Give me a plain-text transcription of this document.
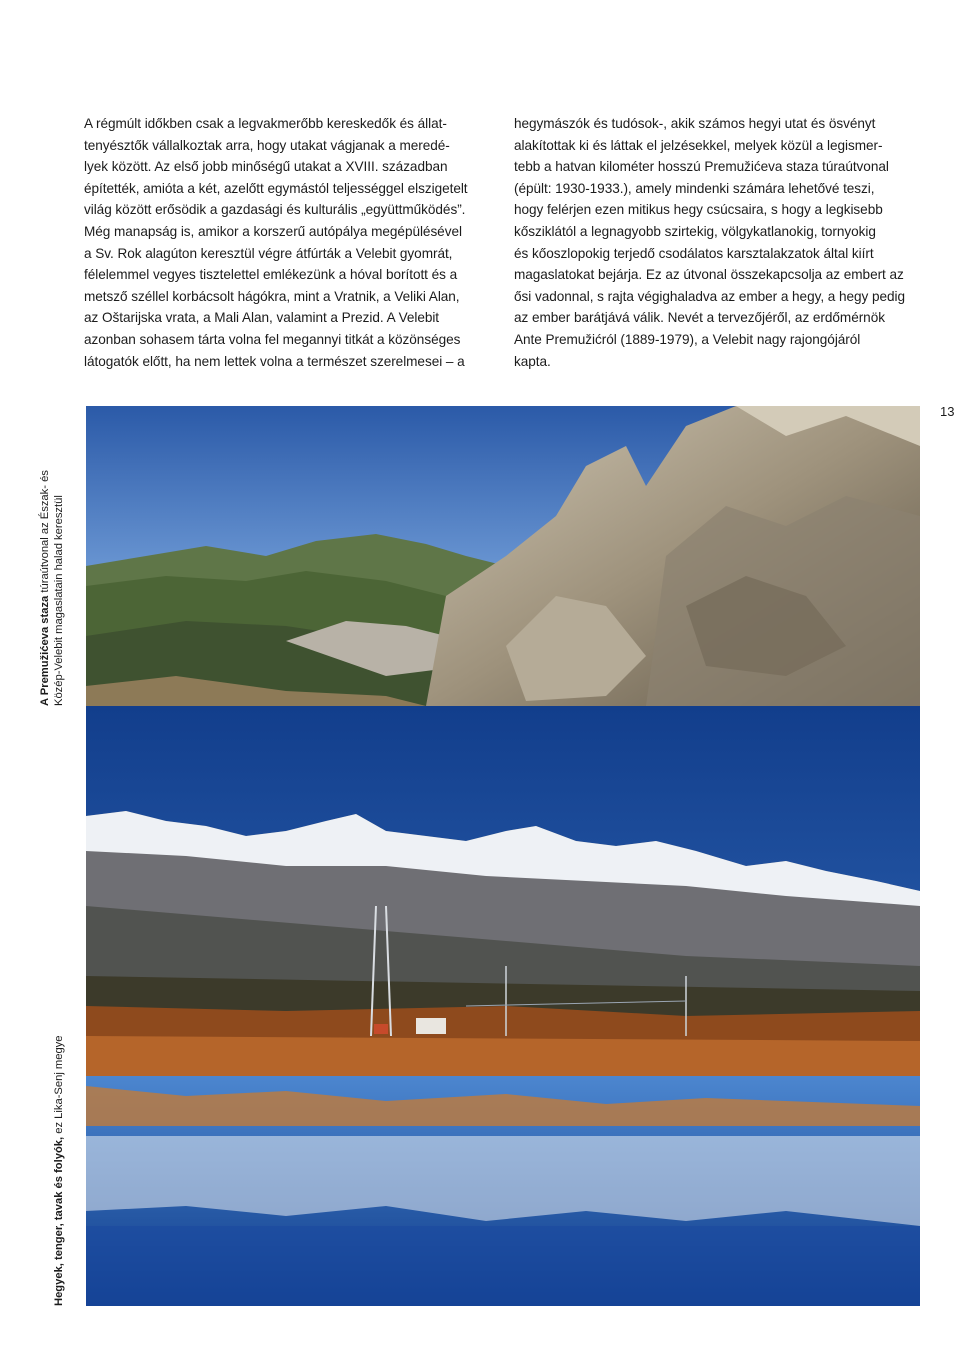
A régmúlt időkben csak a legvakmerőbb kereskedők és állat-
tenyésztők vállalkoztak arra, hogy utakat vágjanak a meredé-
lyek között. Az első jobb minőségű utakat a XVIII. században
építették, amióta a két, azelőtt egymástól teljességgel elszigetelt
világ között erősödik a gazdasági és kulturális „együttműködés”.
Még manapság is, amikor a korszerű autópálya megépülésével
a Sv. Rok alagúton keresztül végre átfúrták a Velebit gyomrát,
félelemmel vegyes tisztelettel emlékezünk a hóval borított és a
metsző széllel korbácsolt hágókra, mint a Vratnik, a Veliki Alan,
az Oštarijska vrata, a Mali Alan, valamint a Prezid. A Velebit
azonban sohasem tárta volna fel megannyi titkát a közönséges
látogatók előtt, ha nem lettek volna a természet szerelmesei – a
hegymászók és tudósok-, akik számos hegyi utat és ösvényt
alakítottak ki és láttak el jelzésekkel, melyek közül a legismer-
tebb a hatvan kilométer hosszú Premužićeva staza túraútvonal
(épült: 1930-1933.), amely mindenki számára lehetővé teszi,
hogy felérjen ezen mitikus hegy csúcsaira, s hogy a legkisebb
kősziklától a legnagyobb szirtekig, völgykatlanokig, tornyokig
és kőoszlopokig terjedő csodálatos karsztalakzatok által kiírt
magaslatokat bejárja. Ez az útvonal összekapcsolja az embert az
ősi vadonnal, s rajta végighaladva az ember a hegy, a hegy pedig
az ember barátjává válik. Nevét a tervezőjéről, az erdőmérnök
Ante Premužićról (1889-1979), a Velebit nagy rajongójáról
kapta.
13
A Premužićeva staza túraútvonal az Észak- és Közép-Velebit magaslatain halad keresztül
Hegyek, tenger, tavak és folyók, ez Lika-Senj megye
